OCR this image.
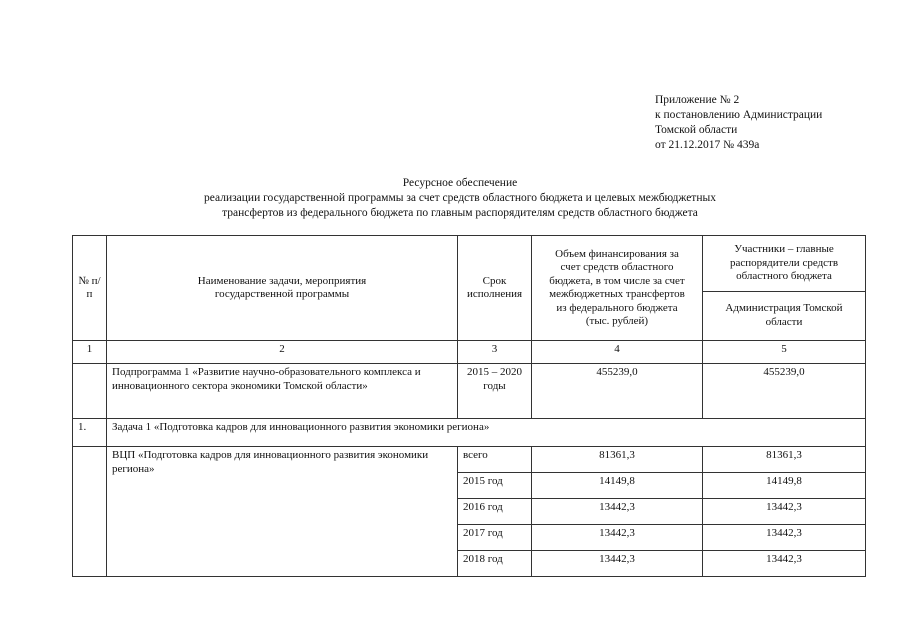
Приложение № 2
к постановлению Администрации
Томской области
от 21.12.2017 № 439а
Ресурсное обеспечение
реализации государственной программы за счет средств областного бюджета и целевых межбюджетных
трансфертов из федерального бюджета по главным распорядителям средств областного бюджета
№ п/п	Наименование задачи, мероприятия государственной программы	Срок исполнения	Объем финансирования за счет средств областного бюджета, в том числе за счет межбюджетных трансфертов из федерального бюджета (тыс. рублей)	Участники – главные распорядители средств областного бюджета
				Администрация Томской области
1	2	3	4	5
	Подпрограмма 1 «Развитие научно-образовательного комплекса и инновационного сектора экономики Томской области»	2015 – 2020 годы	455239,0	455239,0
1.	Задача 1 «Подготовка кадров для инновационного развития экономики региона»			
	ВЦП «Подготовка кадров для инновационного развития экономики региона»	всего	81361,3	81361,3
		2015 год	14149,8	14149,8
		2016 год	13442,3	13442,3
		2017 год	13442,3	13442,3
		2018 год	13442,3	13442,3
